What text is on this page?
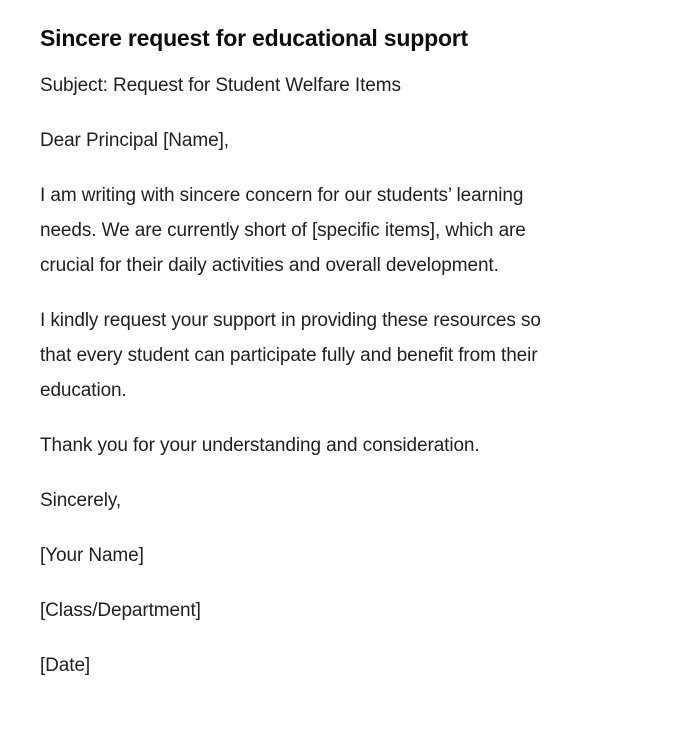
Sincere request for educational support
Subject: Request for Student Welfare Items
Dear Principal [Name],
I am writing with sincere concern for our students’ learning
needs. We are currently short of [specific items], which are
crucial for their daily activities and overall development.
I kindly request your support in providing these resources so
that every student can participate fully and benefit from their
education.
Thank you for your understanding and consideration.
Sincerely,
[Your Name]
[Class/Department]
[Date]
